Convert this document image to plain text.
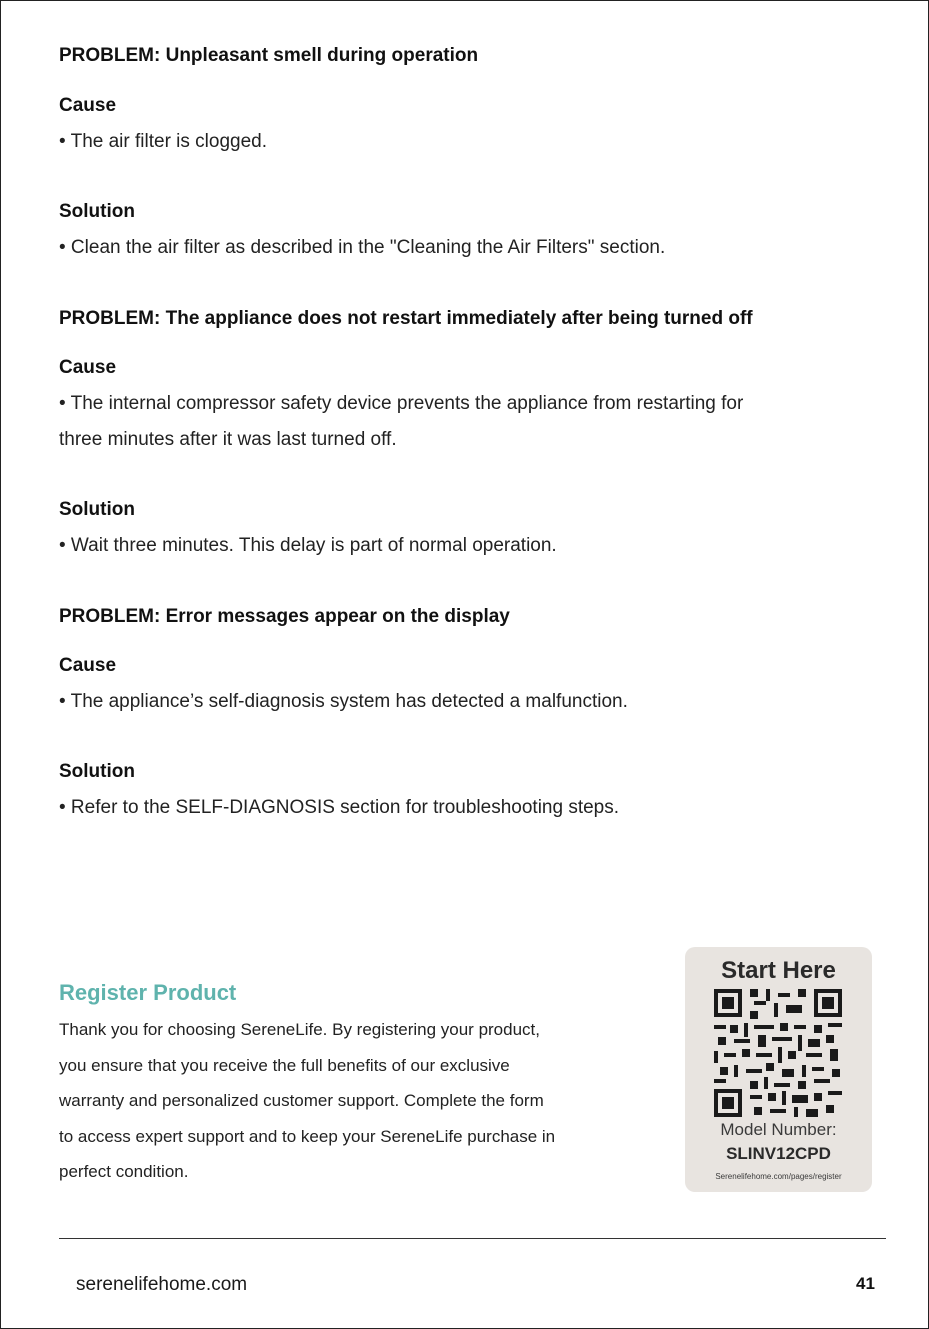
PROBLEM: Unpleasant smell during operation
Cause
• The air filter is clogged.
Solution
• Clean the air filter as described in the "Cleaning the Air Filters" section.
PROBLEM: The appliance does not restart immediately after being turned off
Cause
• The internal compressor safety device prevents the appliance from restarting for
three minutes after it was last turned off.
Solution
• Wait three minutes. This delay is part of normal operation.
PROBLEM: Error messages appear on the display
Cause
• The appliance’s self-diagnosis system has detected a malfunction.
Solution
• Refer to the SELF-DIAGNOSIS section for troubleshooting steps.
Register Product
Thank you for choosing SereneLife. By registering your product,
you ensure that you receive the full benefits of our exclusive
warranty and personalized customer support. Complete the form
to access expert support and to keep your SereneLife purchase in
perfect condition.
Start Here
Model Number:
SLINV12CPD
Serenelifehome.com/pages/register
serenelifehome.com	41
